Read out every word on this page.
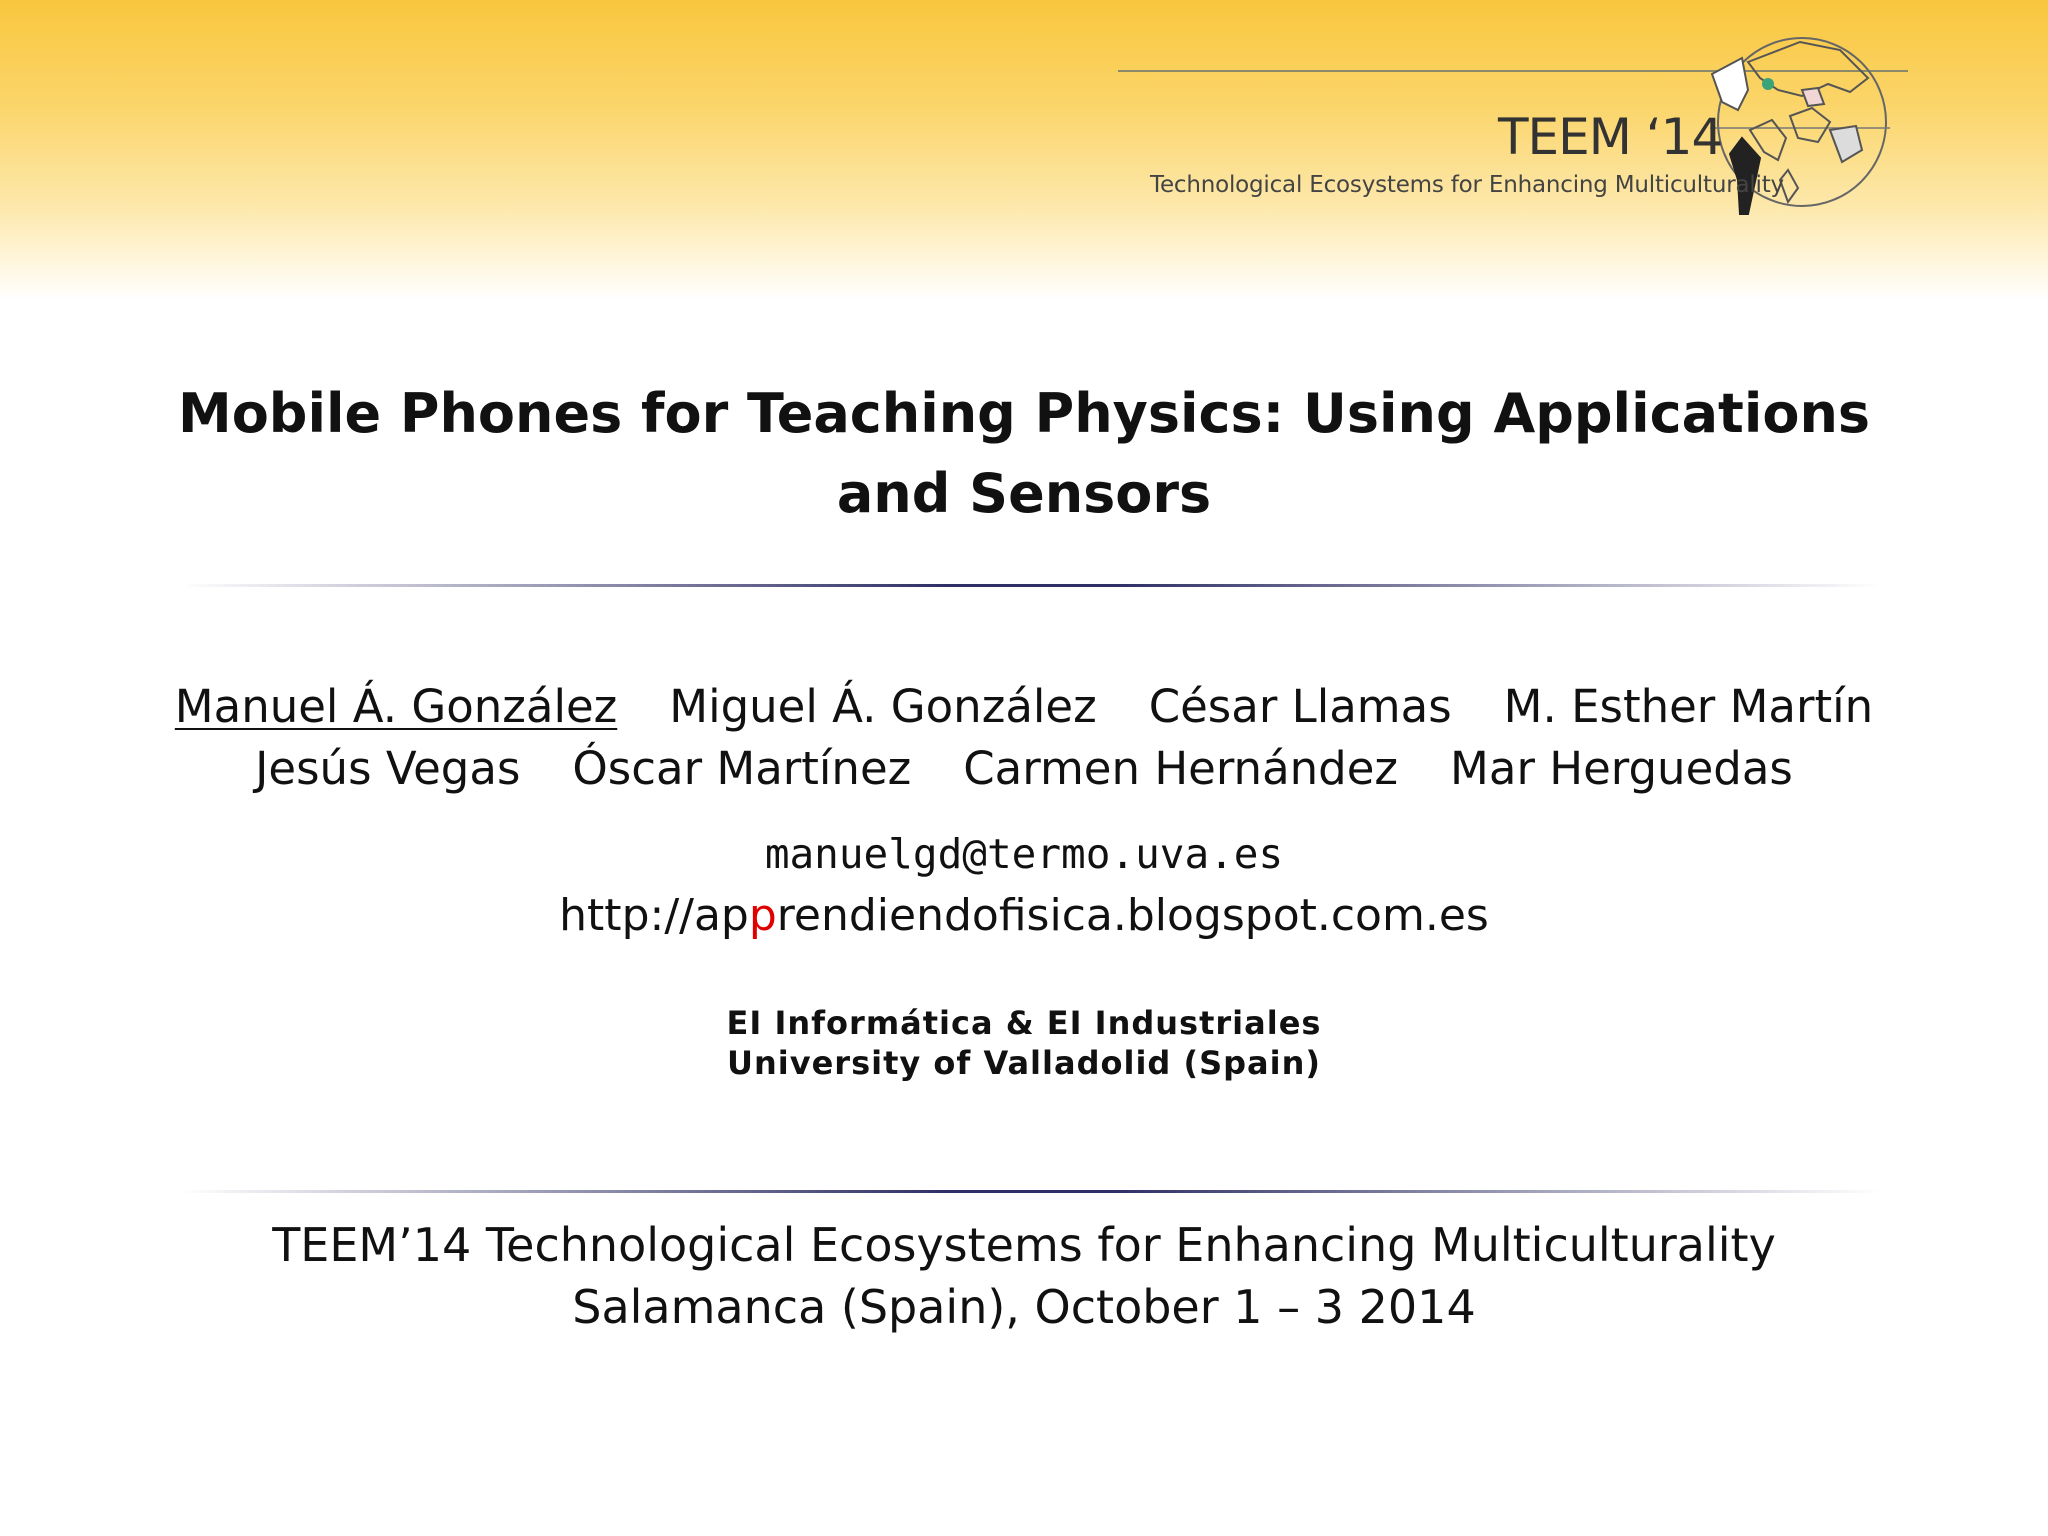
TEEM ‘14
Technological Ecosystems for Enhancing Multiculturality
Mobile Phones for Teaching Physics: Using Applications and Sensors
Manuel Á. González Miguel Á. González César Llamas M. Esther Martín
Jesús Vegas Óscar Martínez Carmen Hernández Mar Herguedas
manuelgd@termo.uva.es
http://apprendiendofisica.blogspot.com.es
EI Informática & EI Industriales
University of Valladolid (Spain)
TEEM’14 Technological Ecosystems for Enhancing Multiculturality
Salamanca (Spain), October 1 – 3 2014
